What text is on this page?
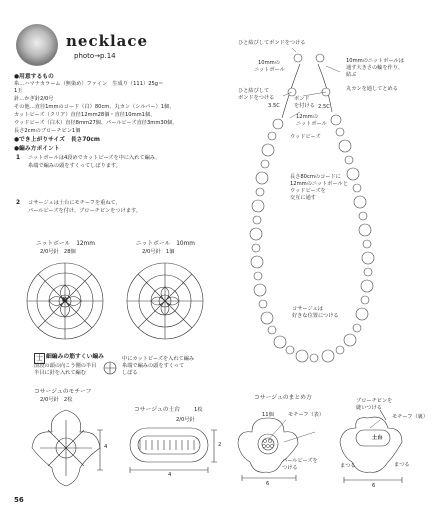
necklace
photo→p.14
●用意するもの
糸…ハマナカラーム（無染め）ファイン　生成り（111）25g＝
1玉
針…かぎ針2/0号
その他…直径1mmのコード（白）80cm、丸カン（シルバー）1個、
カットビーズ（クリア）直径12mm28個・直径10mm1個、
ウッドビーズ（白木）直径8mm27個、パールビーズ直径3mm30個、
長さ2cmのブローチピン1個
●でき上がりサイズ　長さ70cm
●編み方ポイント
1 ニットボールは4段めでカットビーズを中に入れて編み、
糸端で編みの頭をすくってしぼります。
2 コサージュは土台にモチーフを重ねて、
パールビーズを付け、ブローチピンをつけます。
ニットボール　12mm
2/0号針　28個
ニットボール　10mm
2/0号針　1個
輪
士 細編みの筋すくい編み
前段の頭の向こう側の半目
半目に針を入れて編む
中にカットビーズを入れて編み
糸端で編みの頭をすくって
しぼる
コサージュのモチーフ
2/0号針　2枚
4
コサージュの土台	1枚
2/0号針
2
4
コサージュのまとめ方
11個	モチーフ（表）
パールビーズを
つける
6
ブローチピンを
縫いつける
モチーフ（裏）
土台
まつる	まつる
6
ひと結びしてボンドをつける
10mmの
ニットボール
10mmのニットボールは
通す大きさの輪を作り、
結ぶ
丸カンを通してとめる
ひと結びして
ボンドをつける
3.5C
ボンド
を付ける 2.5C
12mmの
ニットボール
ウッドビーズ
長さ80cmのコードに
12mmのニットボールと
ウッドビーズを
交互に通す
コサージュは
好きな位置につける
56
